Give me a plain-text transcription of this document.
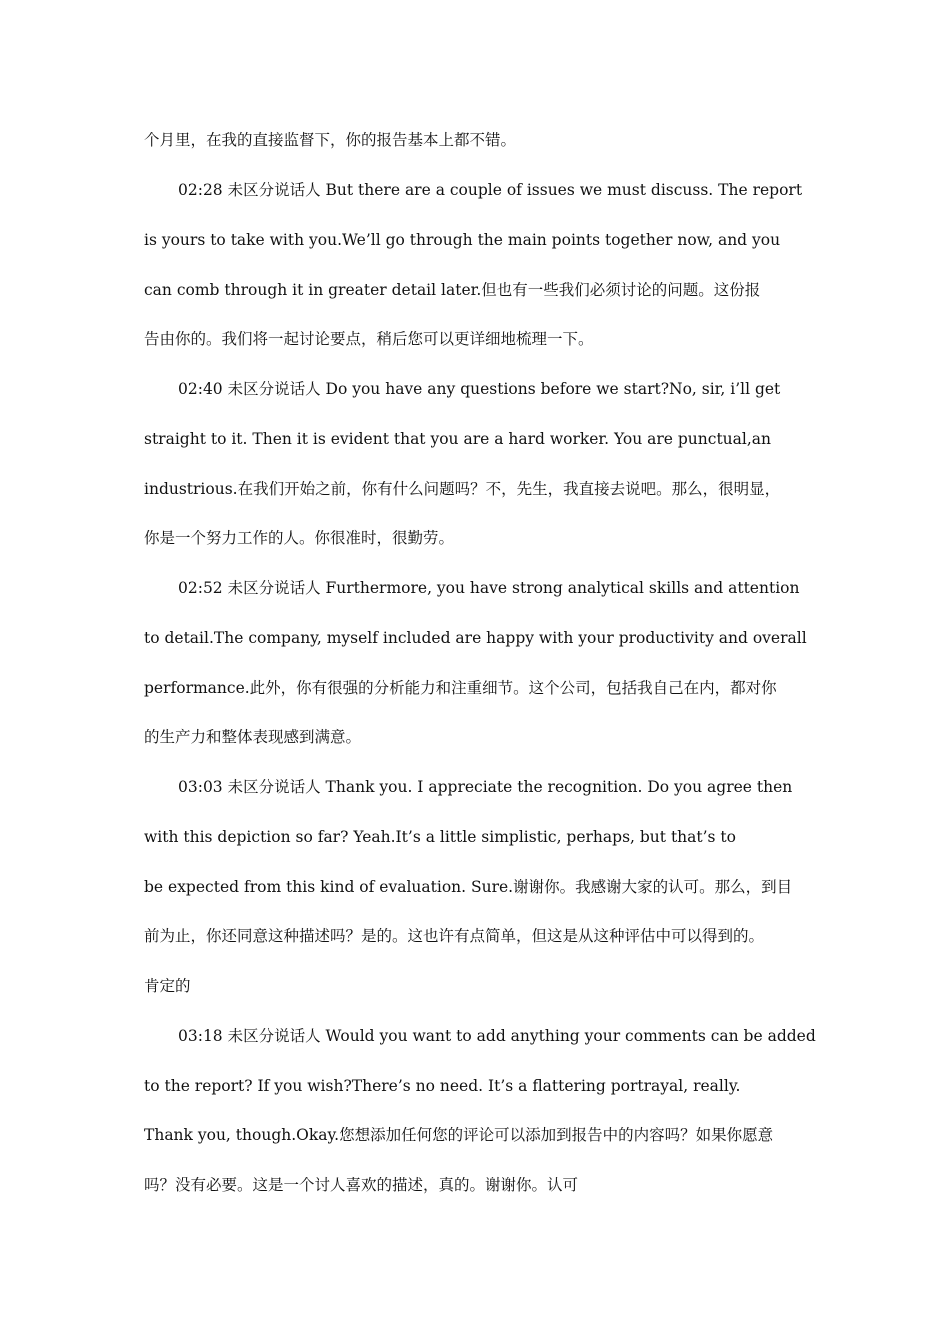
个月里，在我的直接监督下，你的报告基本上都不错。
02:28 未区分说话人 But there are a couple of issues we must discuss. The report
is yours to take with you.We’ll go through the main points together now, and you
can comb through it in greater detail later.但也有一些我们必须讨论的问题。这份报
告由你的。我们将一起讨论要点，稍后您可以更详细地梳理一下。
02:40 未区分说话人 Do you have any questions before we start?No, sir, i’ll get
straight to it. Then it is evident that you are a hard worker. You are punctual,an
industrious.在我们开始之前，你有什么问题吗？不，先生，我直接去说吧。那么，很明显，
你是一个努力工作的人。你很准时，很勤劳。
02:52 未区分说话人 Furthermore, you have strong analytical skills and attention
to detail.The company, myself included are happy with your productivity and overall
performance.此外，你有很强的分析能力和注重细节。这个公司，包括我自己在内，都对你
的生产力和整体表现感到满意。
03:03 未区分说话人 Thank you. I appreciate the recognition. Do you agree then
with this depiction so far? Yeah.It’s a little simplistic, perhaps, but that’s to
be expected from this kind of evaluation. Sure.谢谢你。我感谢大家的认可。那么，到目
前为止，你还同意这种描述吗？是的。这也许有点简单，但这是从这种评估中可以得到的。
肯定的
03:18 未区分说话人 Would you want to add anything your comments can be added
to the report? If you wish?There’s no need. It’s a flattering portrayal, really.
Thank you, though.Okay.您想添加任何您的评论可以添加到报告中的内容吗？如果你愿意
吗？没有必要。这是一个讨人喜欢的描述，真的。谢谢你。认可
